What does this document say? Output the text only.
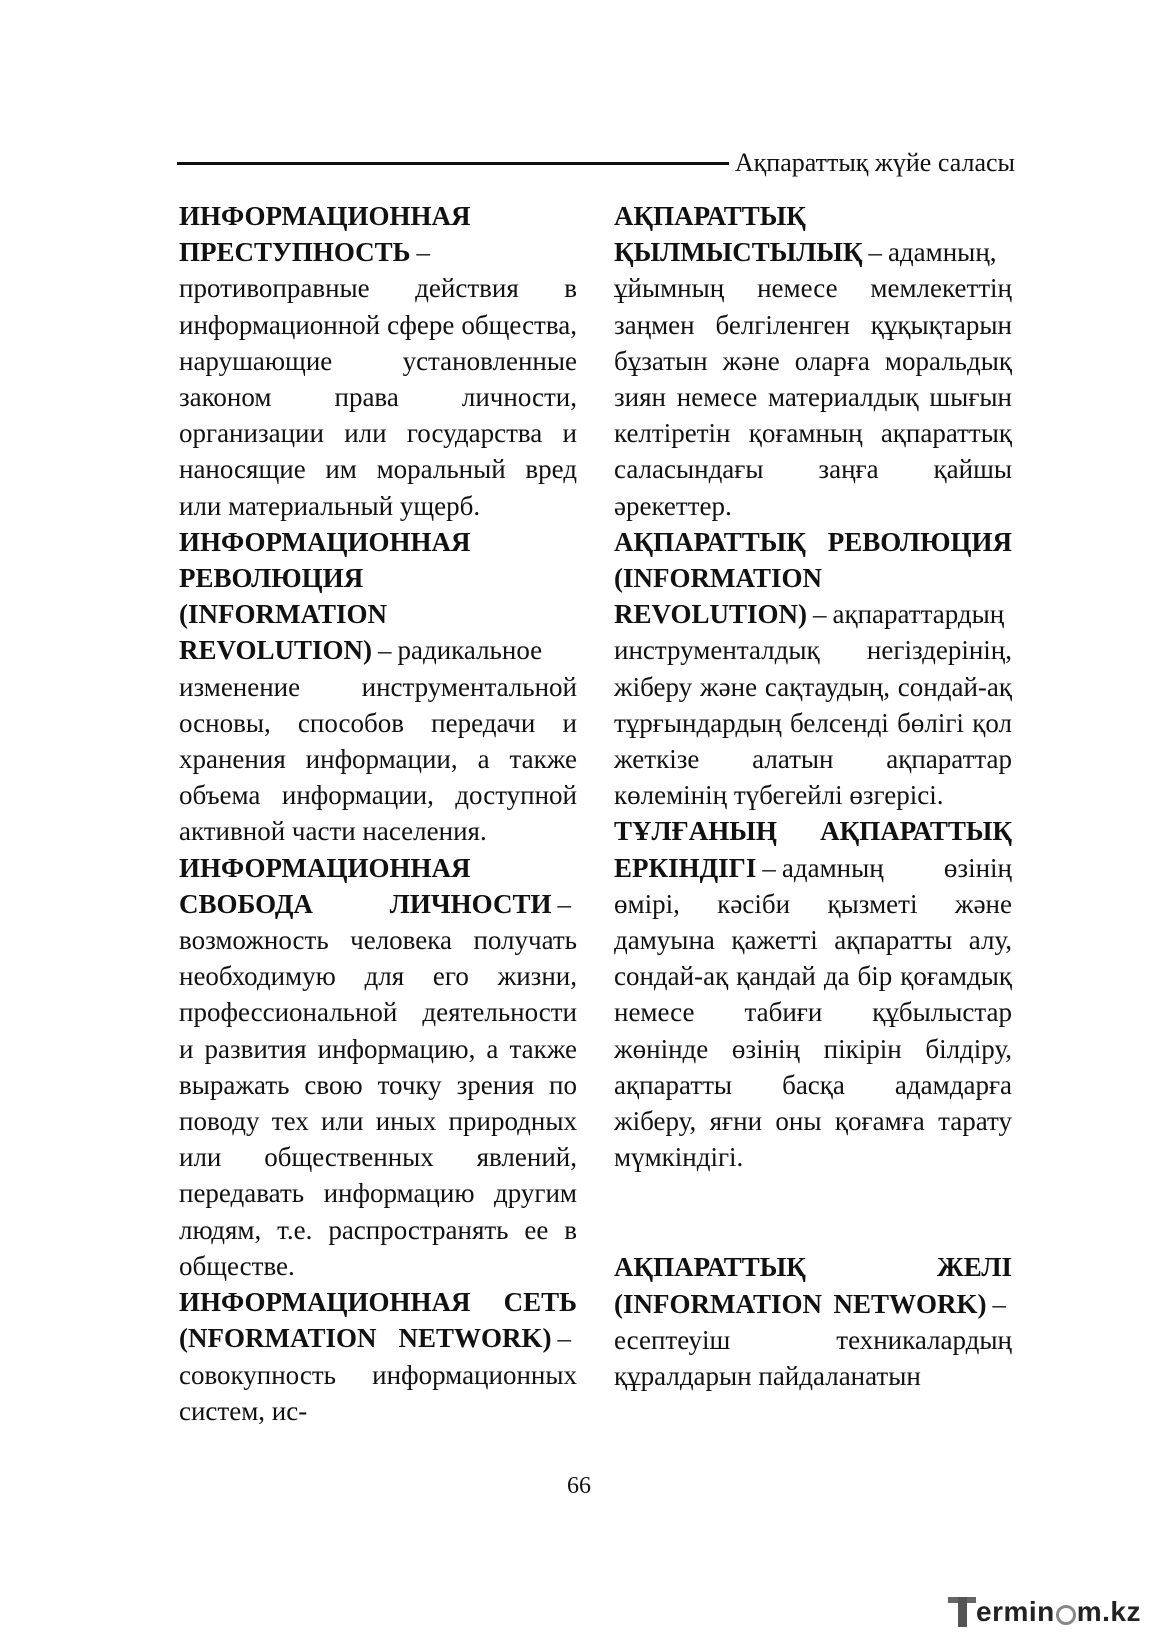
Ақпараттық жүйе саласы

ИНФОРМАЦИОННАЯ ПРЕСТУПНОСТЬ –противоправные действия в информационной сфере общества, нарушающие установленные законом права личности, организации или государства и наносящие им моральный вред или материальный ущерб.

ИНФОРМАЦИОННАЯ РЕВОЛЮЦИЯ (INFORMATION REVOLUTION) – радикальное изменение инструментальной основы, способов передачи и хранения информации, а также объема информации, доступной активной части населения.

ИНФОРМАЦИОННАЯ СВОБОДА ЛИЧНОСТИ –возможность человека получать необходимую для его жизни, профессиональной деятельности и развития информацию, а также выражать свою точку зрения по поводу тех или иных природных или общественных явлений, передавать информацию другим людям, т.е. распространять ее в обществе.

ИНФОРМАЦИОННАЯ СЕТЬ (NFORMATION NETWORK) –совокупность информационных систем, ис-

АҚПАРАТТЫҚ ҚЫЛМЫСТЫЛЫҚ – адамның, ұйымның немесе мемлекеттің заңмен белгіленген құқықтарын бұзатын және оларға моральдық зиян немесе материалдық шығын келтіретін қоғамның ақпараттық саласындағы заңға қайшы әрекеттер.

АҚПАРАТТЫҚ РЕВОЛЮЦИЯ (INFORMATION REVOLUTION) – ақпараттардың инструменталдық негіздерінің, жіберу және сақтаудың, сондай-ақ тұрғындардың белсенді бөлігі қол жеткізе алатын ақпараттар көлемінің түбегейлі өзгерісі.

ТҰЛҒАНЫҢ АҚПАРАТТЫҚ ЕРКІНДІГІ – адамның өзінің өмірі, кәсіби қызметі және дамуына қажетті ақпаратты алу, сондай-ақ қандай да бір қоғамдық немесе табиғи құбылыстар жөнінде өзінің пікірін білдіру, ақпаратты басқа адамдарға жіберу, яғни оны қоғамға тарату мүмкіндігі.

АҚПАРАТТЫҚ ЖЕЛІ (INFORMATION NETWORK) –есептеуіш техникалардың құралдарын пайдаланатын

66
ermin m.kz
